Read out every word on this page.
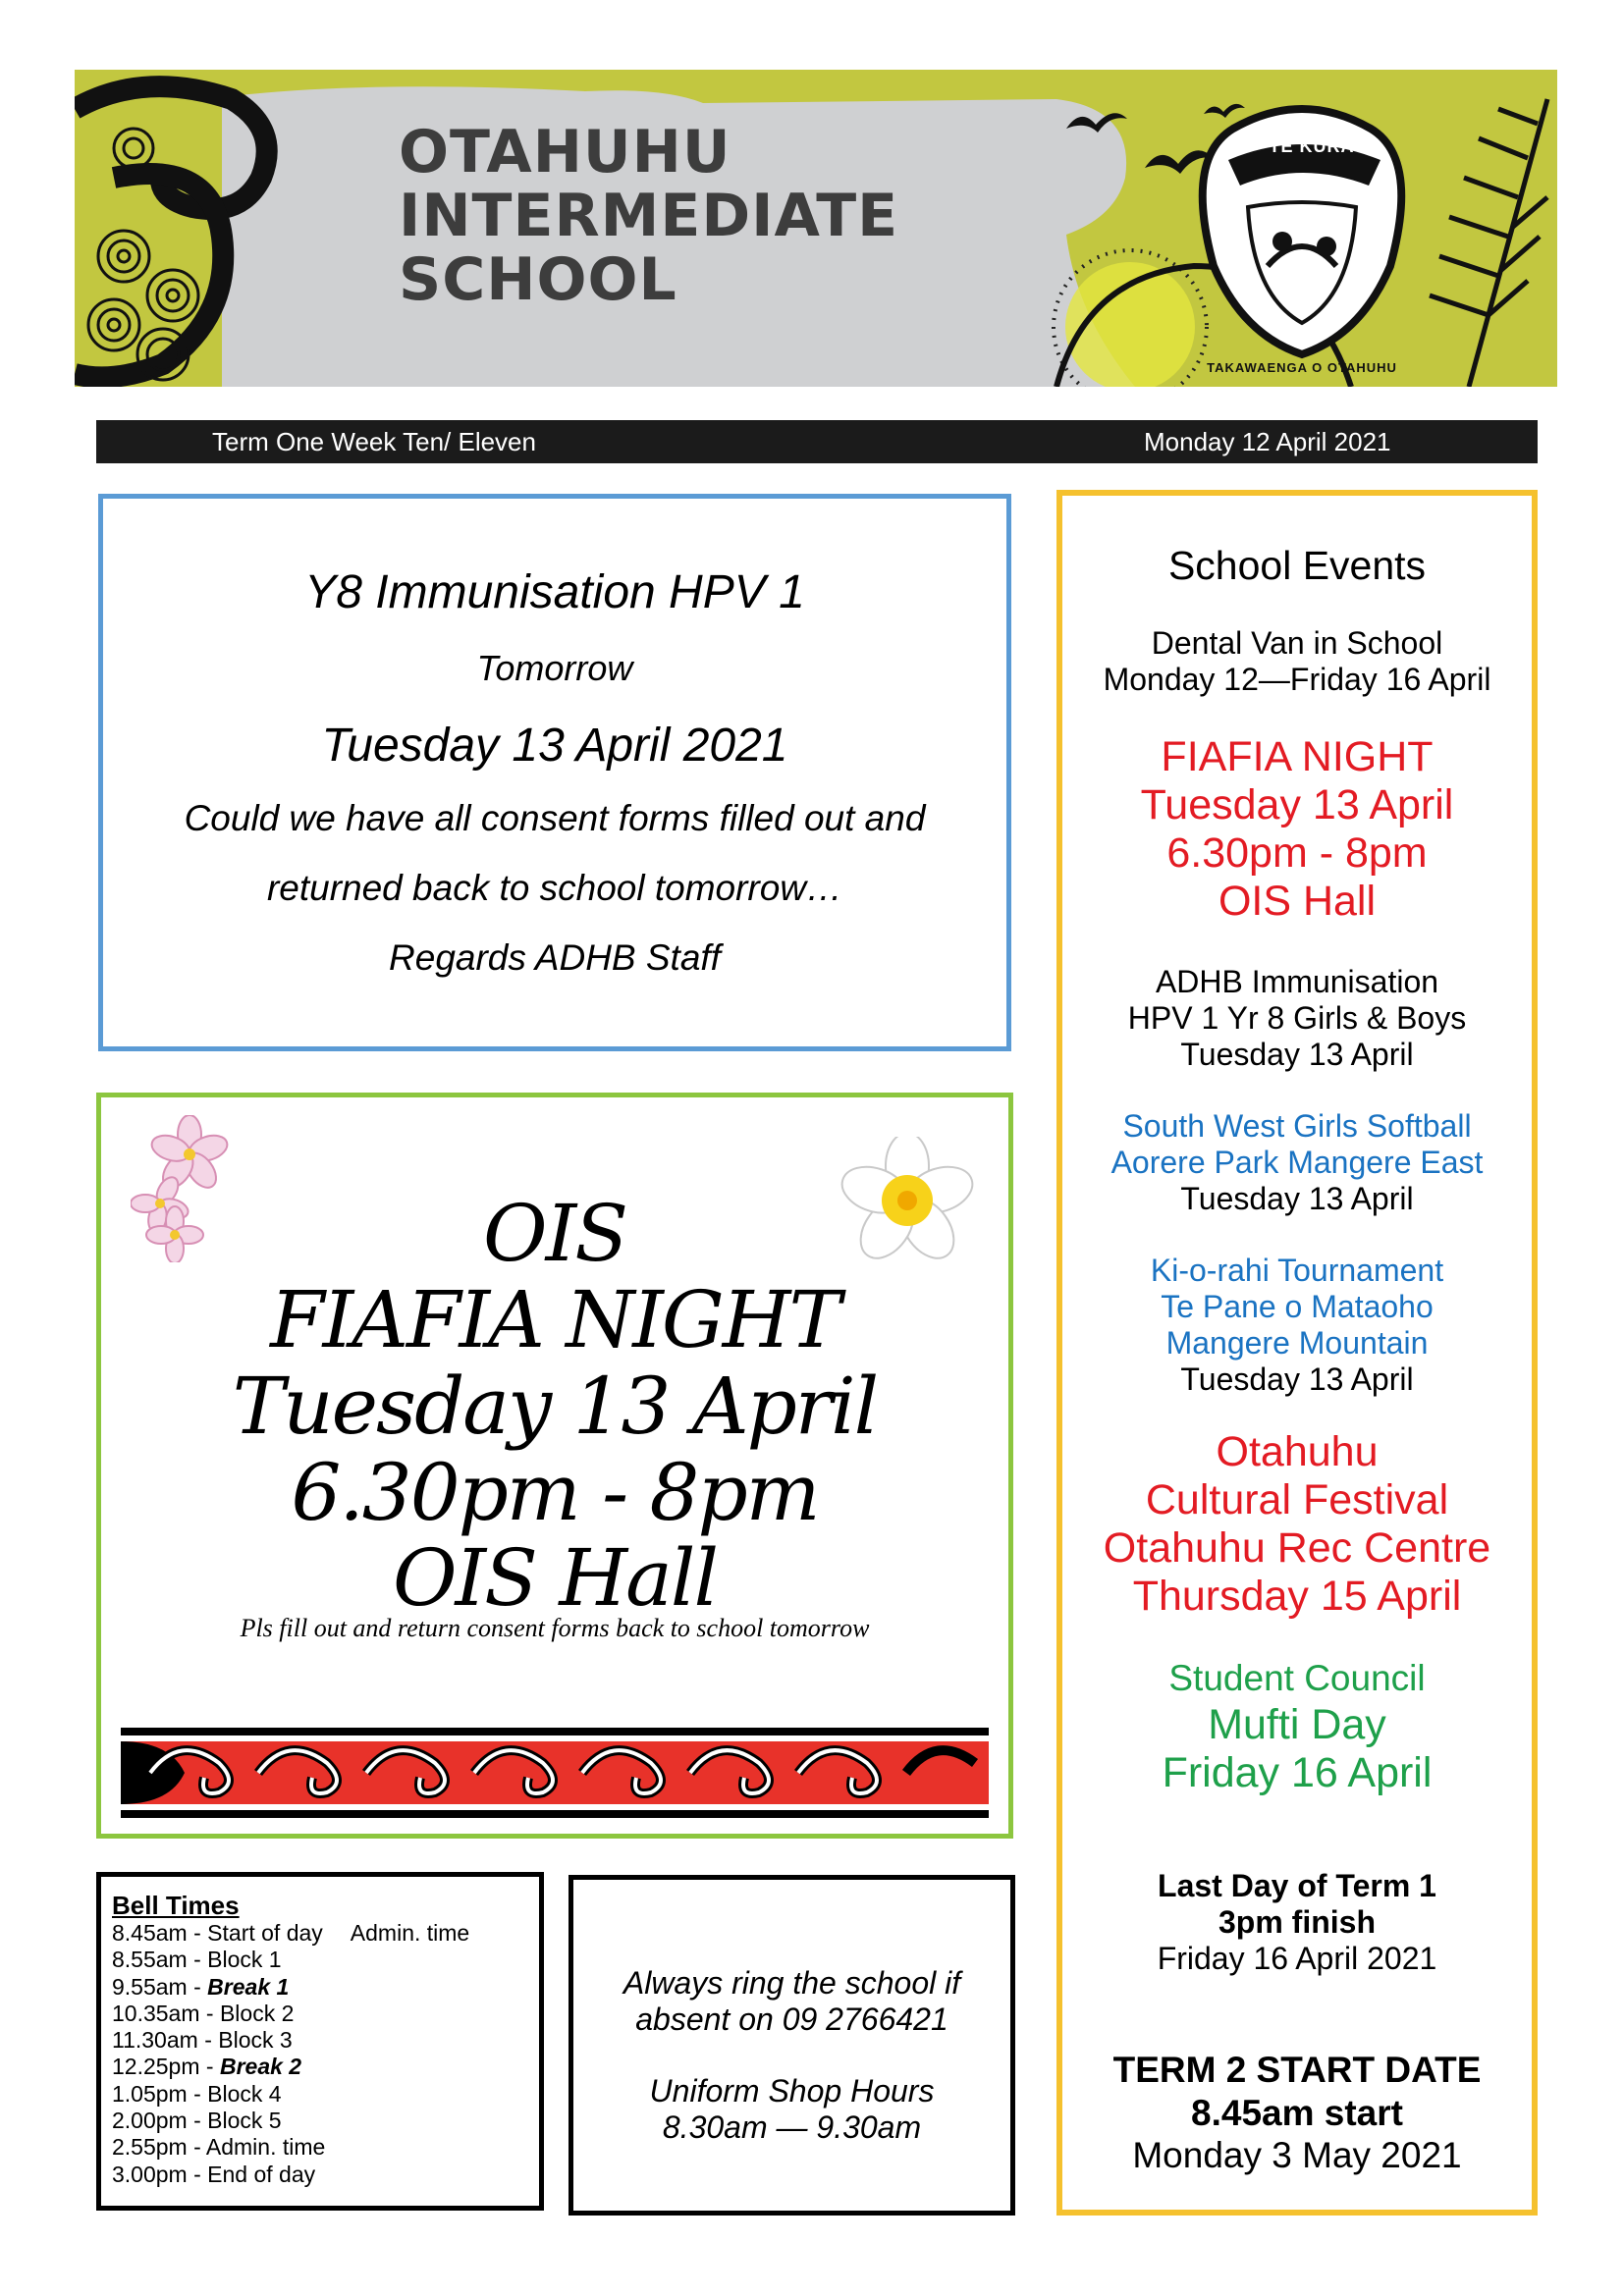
OTAHUHU
INTERMEDIATE
SCHOOL
TE KURA
TAKAWAENGA O OTAHUHU
Term One Week Ten/ Eleven	Monday 12 April 2021
Y8 Immunisation HPV 1
Tomorrow
Tuesday 13 April 2021
Could we have all consent forms filled out and
returned back to school tomorrow…
Regards ADHB Staff
OIS
FIAFIA NIGHT
Tuesday 13 April
6.30pm - 8pm
OIS Hall
Pls fill out and return consent forms back to school tomorrow
School Events
Dental Van in School
Monday 12—Friday 16 April
FIAFIA NIGHT
Tuesday 13 April
6.30pm - 8pm
OIS Hall
ADHB Immunisation
HPV 1 Yr 8 Girls & Boys
Tuesday 13 April
South West Girls Softball
Aorere Park Mangere East
Tuesday 13 April
Ki-o-rahi Tournament
Te Pane o Mataoho
Mangere Mountain
Tuesday 13 April
Otahuhu
Cultural Festival
Otahuhu Rec Centre
Thursday 15 April
Student Council
Mufti Day
Friday 16 April
Last Day of Term 1
3pm finish
Friday 16 April 2021
TERM 2 START DATE
8.45am start
Monday 3 May 2021
Bell Times
8.45am - Start of day Admin. time
8.55am - Block 1
9.55am - Break 1
10.35am - Block 2
11.30am - Block 3
12.25pm - Break 2
1.05pm - Block 4
2.00pm - Block 5
2.55pm - Admin. time
3.00pm - End of day
Always ring the school if
absent on 09 2766421
Uniform Shop Hours
8.30am — 9.30am
